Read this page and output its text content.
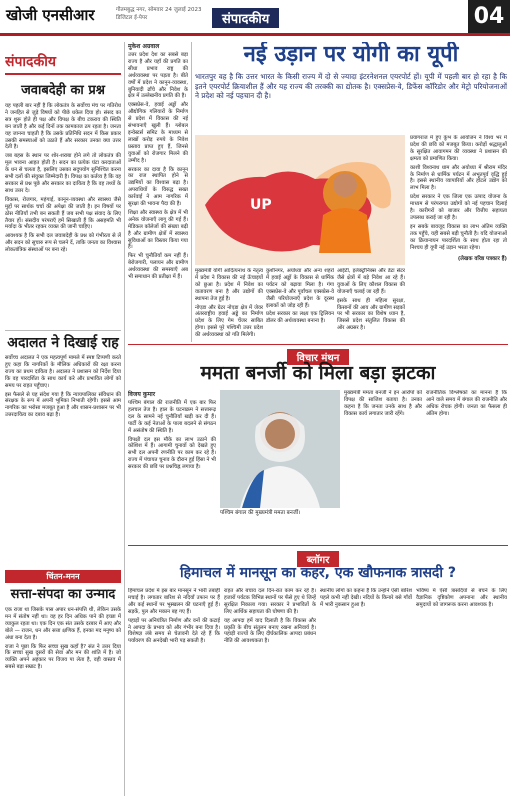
खोजी एनसीआर	गौतमबुद्ध नगर, सोमवार 24 जुलाई 2023
डिजिटल ई-पेपर	संपादकीय	04
संपादकीय
जवाबदेही का प्रश्न

यह पहली बार नहीं है कि लोकतंत्र के सर्वोच्च मंच पर गतिरोध ने जनहित से जुड़े विषयों को पीछे धकेल दिया हो। संसद का सत्र शुरू होते ही पक्ष और विपक्ष के बीच टकराव की स्थिति बन जाती है और कई दिनों तक कामकाज ठप रहता है। जनता यह जानना चाहती है कि उसके प्रतिनिधि सदन में किस प्रकार उसकी समस्याओं को उठाते हैं और सरकार उनका क्या उत्तर देती है।

जब बहस के स्थान पर शोर-शराबा होने लगे तो लोकतंत्र की मूल भावना आहत होती है। सदन का प्रत्येक घंटा करदाताओं के धन से चलता है, इसलिए उसका सदुपयोग सुनिश्चित करना सभी दलों की संयुक्त जिम्मेदारी है। विपक्ष का कर्तव्य है कि वह सरकार से प्रश्न पूछे और सरकार का दायित्व है कि वह तथ्यों के साथ उत्तर दे।

विकास, रोजगार, महंगाई, कानून-व्यवस्था और स्वास्थ्य जैसे मुद्दों पर सार्थक चर्चा की अपेक्षा की जाती है। इन विषयों पर ठोस नीतियाँ तभी बन सकती हैं जब सभी पक्ष संवाद के लिए तैयार हों। संसदीय परंपराएँ हमें सिखाती हैं कि असहमति भी मर्यादा के भीतर रहकर व्यक्त की जानी चाहिए।

आवश्यक है कि सभी दल जवाबदेही के प्रश्न को गंभीरता से लें और सदन को सुचारु रूप से चलने दें, ताकि जनता का विश्वास लोकतांत्रिक संस्थाओं पर बना रहे।

अदालत ने दिखाई राह

सर्वोच्च अदालत ने एक महत्वपूर्ण मामले में स्पष्ट टिप्पणी करते हुए कहा कि नागरिकों के मौलिक अधिकारों की रक्षा करना राज्य का प्रथम दायित्व है। अदालत ने प्रशासन को निर्देश दिया कि वह पारदर्शिता के साथ कार्य करे और प्रभावित लोगों को समय पर राहत पहुँचाए।

इस फैसले से यह संदेश गया है कि न्यायपालिका संविधान की संरक्षक के रूप में अपनी भूमिका निभाती रहेगी। इससे आम नागरिक का भरोसा मजबूत हुआ है और शासन-प्रशासन पर भी उत्तरदायित्व का दबाव बढ़ा है।

चिंतन-मनन
सत्ता-संपदा का उन्माद

एक राजा था जिसके पास अपार धन-संपत्ति थी, लेकिन उसके मन में संतोष नहीं था। वह हर दिन अधिक पाने की इच्छा में व्याकुल रहता था। एक दिन एक संत उसके दरबार में आए और बोले — राजन, धन और सत्ता क्षणिक हैं, इनका मद मनुष्य को अंधा बना देता है।

राजा ने पूछा कि फिर सच्चा सुख कहाँ है? संत ने उत्तर दिया कि सच्चा सुख दूसरों की सेवा और मन की शांति में है। जो व्यक्ति अपने अहंकार पर विजय पा लेता है, वही वास्तव में सबसे बड़ा सम्राट है।

मुकेश अग्रवाल

उत्तर प्रदेश देश का सबसे बड़ा राज्य है और यहाँ की प्रगति का सीधा प्रभाव राष्ट्र की अर्थव्यवस्था पर पड़ता है। बीते वर्षों में प्रदेश ने कानून-व्यवस्था, बुनियादी ढाँचे और निवेश के क्षेत्र में उल्लेखनीय प्रगति की है।

एक्सप्रेस-वे, हवाई अड्डों और औद्योगिक गलियारों के निर्माण से प्रदेश में विकास की नई संभावनाएँ खुली हैं। ग्लोबल इन्वेस्टर्स समिट के माध्यम से लाखों करोड़ रुपये के निवेश प्रस्ताव प्राप्त हुए हैं, जिनसे युवाओं को रोजगार मिलने की उम्मीद है।

सरकार का दावा है कि कानून का राज स्थापित होने से उद्यमियों का विश्वास बढ़ा है। अपराधियों के विरुद्ध सख्त कार्रवाई ने आम नागरिक में सुरक्षा की भावना पैदा की है।

शिक्षा और स्वास्थ्य के क्षेत्र में भी अनेक योजनाएँ लागू की गई हैं। मेडिकल कॉलेजों की संख्या बढ़ी है और ग्रामीण क्षेत्रों में स्वास्थ्य सुविधाओं का विस्तार किया गया है।

फिर भी चुनौतियाँ कम नहीं हैं। बेरोजगारी, पलायन और ग्रामीण अर्थव्यवस्था की समस्याएँ अब भी समाधान की प्रतीक्षा में हैं।

नई उड़ान पर योगी का यूपी

भारतपुर वह है कि उत्तर भारत के किसी राज्य में दो से ज्यादा इंटरनेशनल एयरपोर्ट हों। यूपी में पहली बार हो रहा है कि इतने एयरपोर्ट क्रियाशील हैं और यह राज्य की तरक्की का द्योतक है। एक्सप्रेस-वे, डिफेंस कॉरिडोर और मेट्रो परियोजनाओं ने प्रदेश को नई पहचान दी है।

UP

प्रयागराज में हुए कुंभ के आयोजन ने विश्व भर में प्रदेश की छवि को मजबूत किया। करोड़ों श्रद्धालुओं के सुरक्षित आवागमन की व्यवस्था ने प्रशासन की क्षमता को प्रमाणित किया।

काशी विश्वनाथ धाम और अयोध्या में श्रीराम मंदिर के निर्माण से धार्मिक पर्यटन में अभूतपूर्व वृद्धि हुई है। इससे स्थानीय व्यापारियों और होटल उद्योग को लाभ मिला है।

प्रदेश सरकार ने एक जिला एक उत्पाद योजना के माध्यम से परंपरागत उद्योगों को नई पहचान दिलाई है। कारीगरों को बाजार और वित्तीय सहायता उपलब्ध कराई जा रही है।

इन सबके बावजूद विकास का लाभ अंतिम व्यक्ति तक पहुँचे, यही सबसे बड़ी चुनौती है। यदि योजनाओं का क्रियान्वयन पारदर्शिता के साथ होता रहा तो निश्चय ही यूपी नई उड़ान भरता रहेगा।

(लेखक वरिष्ठ पत्रकार हैं)

मुख्यमंत्री योगी आदित्यनाथ के नेतृत्व में प्रदेश ने विकास की नई ऊँचाइयों को छुआ है। प्रदेश में निवेश का वातावरण बना है और उद्योगों की स्थापना तेज हुई है।

नोएडा और ग्रेटर नोएडा क्षेत्र में जेवर अंतरराष्ट्रीय हवाई अड्डे का निर्माण प्रदेश के लिए गेम चेंजर साबित होगा। इससे पूरे पश्चिमी उत्तर प्रदेश की अर्थव्यवस्था को गति मिलेगी।

कुशीनगर, अयोध्या और अन्य शहरों में हवाई अड्डों के विकास से धार्मिक पर्यटन को बढ़ावा मिला है। गंगा एक्सप्रेस-वे और पूर्वांचल एक्सप्रेस-वे जैसी परियोजनाएँ प्रदेश के दूरस्थ इलाकों को जोड़ रही हैं।

प्रदेश सरकार का लक्ष्य एक ट्रिलियन डॉलर की अर्थव्यवस्था बनाना है।

आईटी, इलेक्ट्रॉनिक्स और डेटा सेंटर जैसे क्षेत्रों में बड़े निवेश आ रहे हैं। युवाओं के लिए कौशल विकास की योजनाएँ चलाई जा रही हैं।

इसके साथ ही महिला सुरक्षा, किसानों की आय और ग्रामीण सड़कों पर भी सरकार का विशेष ध्यान है, जिससे प्रदेश संतुलित विकास की ओर अग्रसर है।

विचार मंथन
ममता बनर्जी को मिला बड़ा झटका
विजय कुमार

पश्चिम बंगाल की राजनीति में एक बार फिर हलचल तेज है। हाल के घटनाक्रम ने सत्तारूढ़ दल के सामने नई चुनौतियाँ खड़ी कर दी हैं। पार्टी के कई नेताओं के पाला बदलने से संगठन में असंतोष की स्थिति है।

विपक्षी दल इस मौके का लाभ उठाने की कोशिश में हैं। आगामी चुनावों को देखते हुए सभी दल अपनी रणनीति पर काम कर रहे हैं। राज्य में पंचायत चुनाव के दौरान हुई हिंसा ने भी सरकार की छवि पर प्रश्नचिह्न लगाया है।

पश्चिम बंगाल की मुख्यमंत्री ममता बनर्जी।

मुख्यमंत्री ममता बनर्जी ने इन आरोपों को विपक्ष की साजिश बताया है। उनका कहना है कि जनता उनके साथ है और विकास कार्य लगातार जारी रहेंगे।

राजनीतिक विश्लेषकों का मानना है कि आने वाले समय में बंगाल की राजनीति और अधिक रोचक होगी। जनता का फैसला ही अंतिम होगा।

ब्लॉगर
हिमाचल में मानसून का कहर, एक खौफनाक त्रासदी ?

हिमाचल प्रदेश में इस बार मानसून ने भारी तबाही मचाई है। लगातार बारिश से नदियाँ उफान पर हैं और कई स्थानों पर भूस्खलन की घटनाएँ हुई हैं। सड़कें, पुल और मकान बह गए हैं।

पहाड़ों पर अनियंत्रित निर्माण और वनों की कटाई ने आपदा के प्रभाव को और गंभीर बना दिया है। विशेषज्ञ लंबे समय से चेतावनी देते रहे हैं कि पर्यावरण की अनदेखी भारी पड़ सकती है।

राहत और बचाव दल दिन-रात काम कर रहे हैं। हजारों पर्यटक विभिन्न स्थानों पर फँसे हुए थे जिन्हें सुरक्षित निकाला गया। सरकार ने प्रभावितों के लिए आर्थिक सहायता की घोषणा की है।

यह आपदा हमें याद दिलाती है कि विकास और प्रकृति के बीच संतुलन बनाए रखना अनिवार्य है। पहाड़ी राज्यों के लिए दीर्घकालिक आपदा प्रबंधन नीति की आवश्यकता है।

स्थानीय लोगों का कहना है कि उन्होंने ऐसी बारिश पहले कभी नहीं देखी। नदियों के किनारे बसे गाँवों में भारी नुकसान हुआ है।

भविष्य में ऐसी त्रासदियों से बचने के लिए वैज्ञानिक दृष्टिकोण अपनाना और स्थानीय समुदायों को जागरूक करना आवश्यक है।
